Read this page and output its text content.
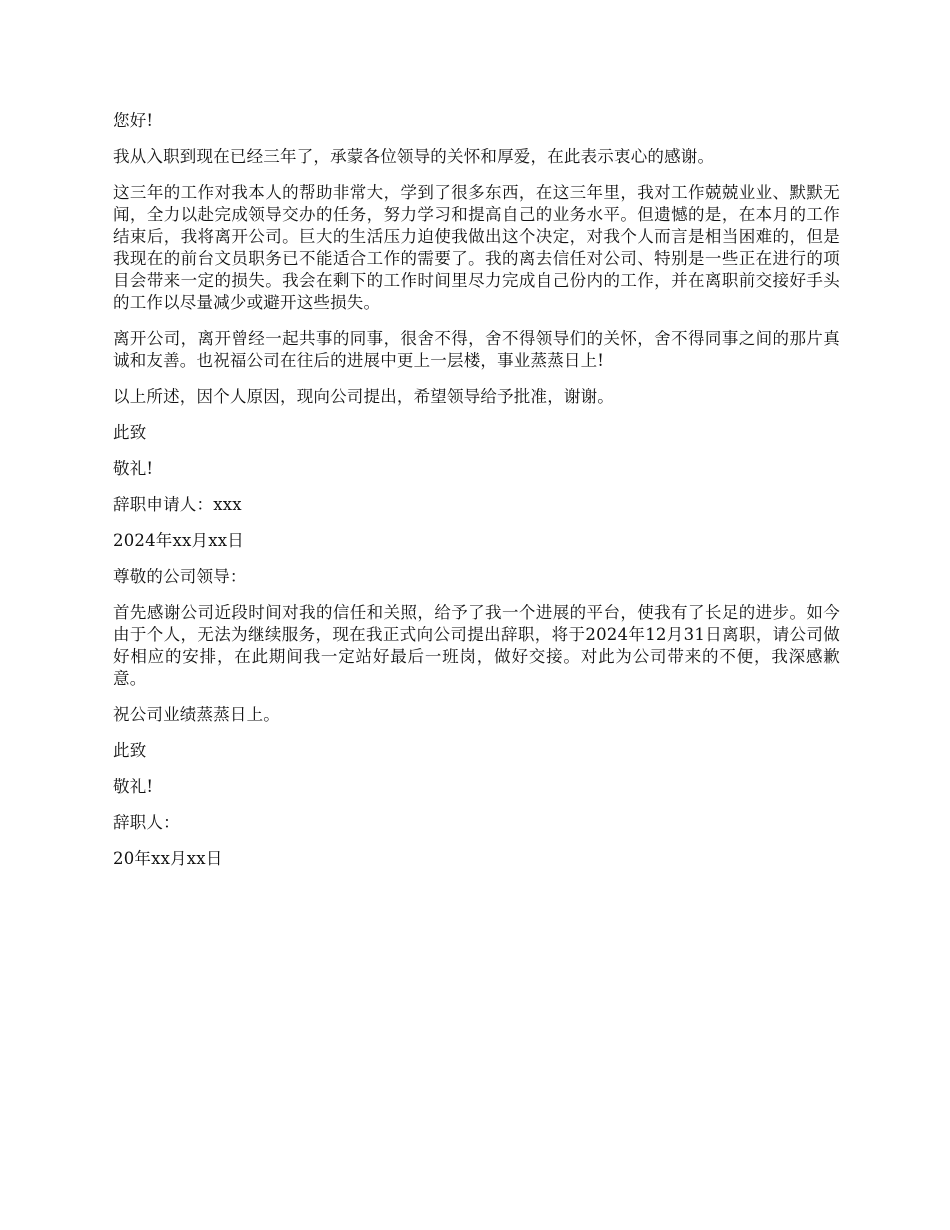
您好!

我从入职到现在已经三年了，承蒙各位领导的关怀和厚爱，在此表示衷心的感谢。

这三年的工作对我本人的帮助非常大，学到了很多东西，在这三年里，我对工作兢兢业业、默默无闻，全力以赴完成领导交办的任务，努力学习和提高自己的业务水平。但遗憾的是，在本月的工作结束后，我将离开公司。巨大的生活压力迫使我做出这个决定，对我个人而言是相当困难的，但是我现在的前台文员职务已不能适合工作的需要了。我的离去信任对公司、特别是一些正在进行的项目会带来一定的损失。我会在剩下的工作时间里尽力完成自己份内的工作，并在离职前交接好手头的工作以尽量减少或避开这些损失。

离开公司，离开曾经一起共事的同事，很舍不得，舍不得领导们的关怀，舍不得同事之间的那片真诚和友善。也祝福公司在往后的进展中更上一层楼，事业蒸蒸日上!

以上所述，因个人原因，现向公司提出，希望领导给予批准，谢谢。

此致

敬礼!

辞职申请人：xxx

2024年xx月xx日

尊敬的公司领导：

首先感谢公司近段时间对我的信任和关照，给予了我一个进展的平台，使我有了长足的进步。如今由于个人，无法为继续服务，现在我正式向公司提出辞职，将于2024年12月31日离职，请公司做好相应的安排，在此期间我一定站好最后一班岗，做好交接。对此为公司带来的不便，我深感歉意。

祝公司业绩蒸蒸日上。

此致

敬礼!

辞职人：

20年xx月xx日
